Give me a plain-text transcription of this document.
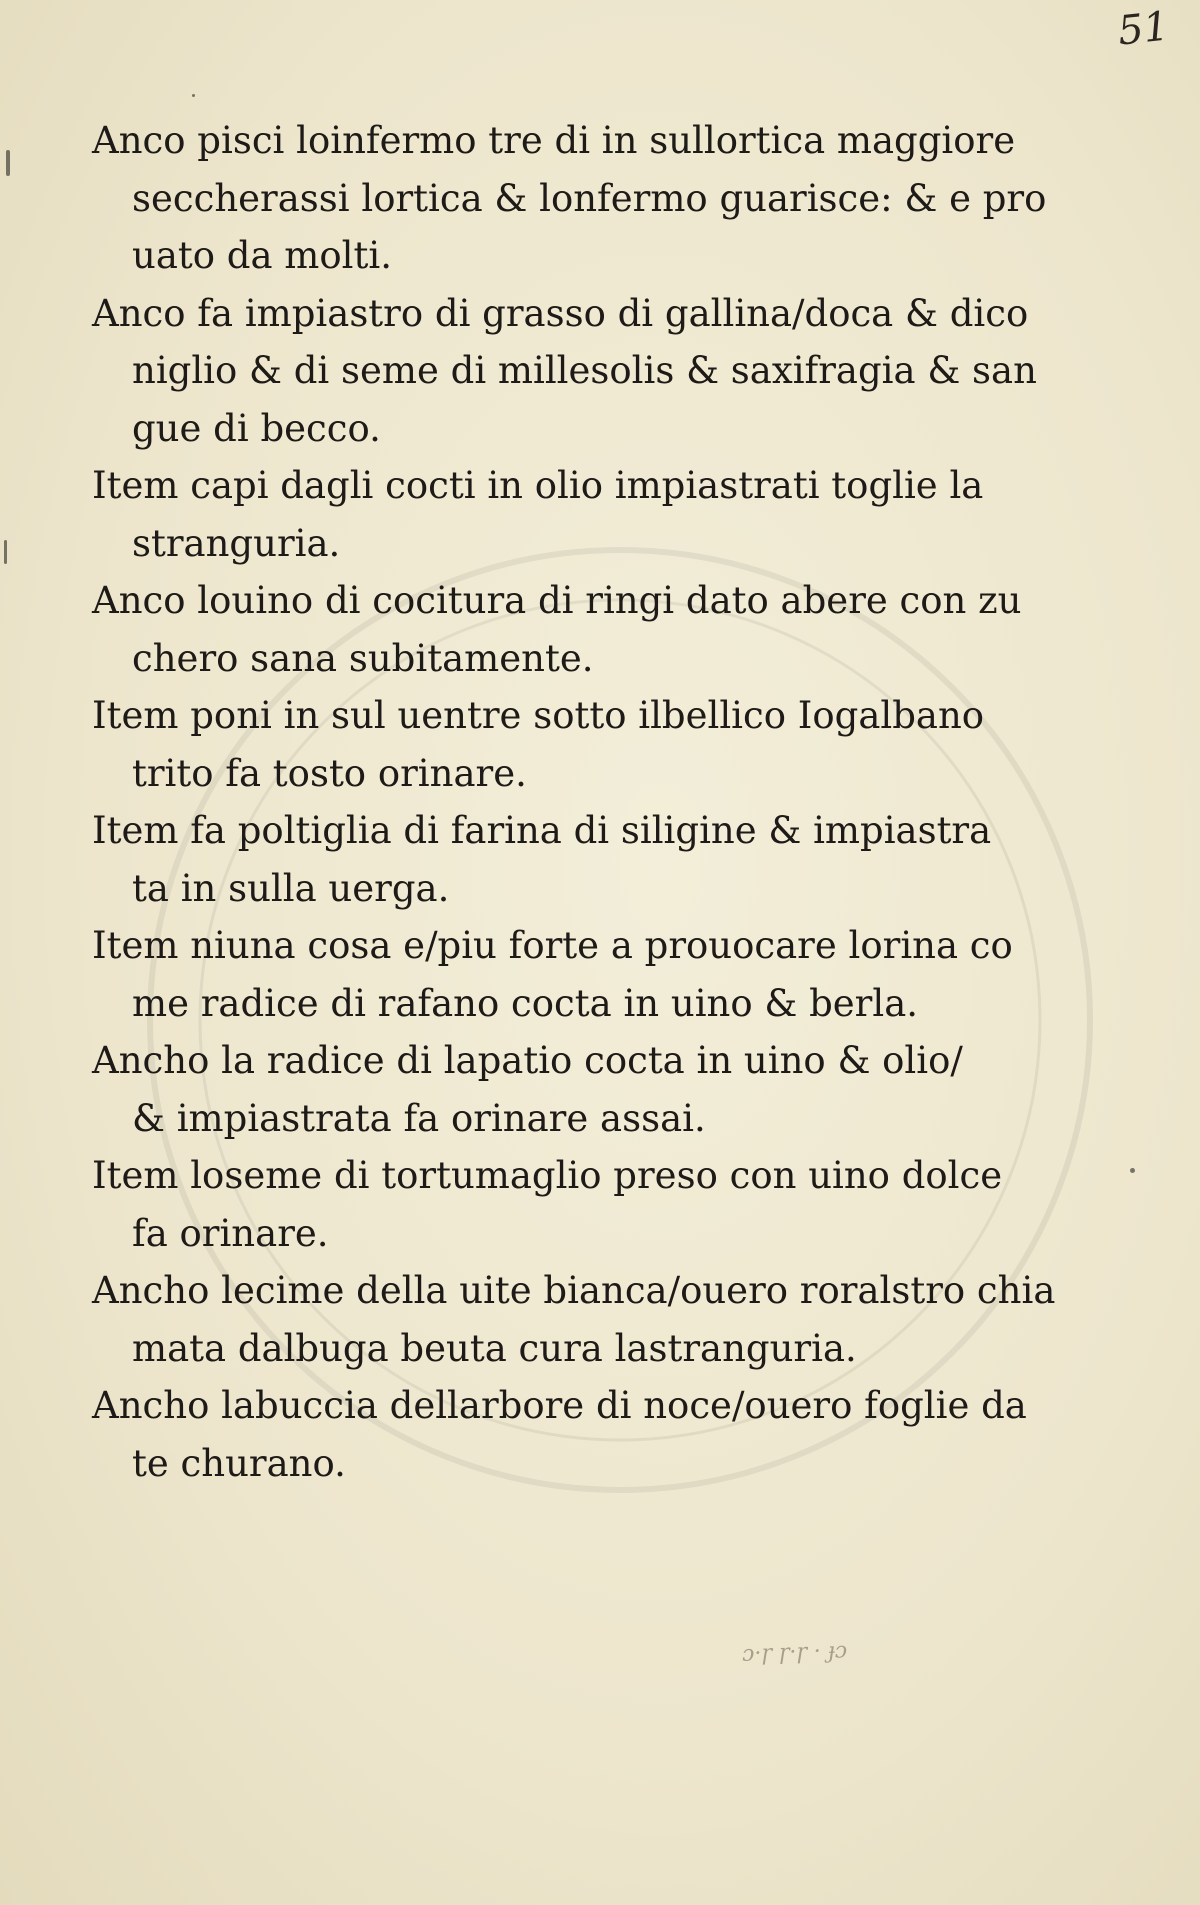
51
Anco pisci loinfermo tre di in sullortica maggiore
seccherassi lortica & lonfermo guarisce: & e pro
uato da molti.
Anco fa impiastro di grasso di gallina/doca & dico
niglio & di seme di millesolis & saxifragia & san
gue di becco.
Item capi dagli cocti in olio impiastrati toglie la
stranguria.
Anco louino di cocitura di ringi dato abere con zu
chero sana subitamente.
Item poni in sul uentre sotto ilbellico Iogalbano
trito fa tosto orinare.
Item fa poltiglia di farina di siligine & impiastra
ta in sulla uerga.
Item niuna cosa e/piu forte a prouocare lorina co
me radice di rafano cocta in uino & berla.
Ancho la radice di lapatio cocta in uino & olio/
& impiastrata fa orinare assai.
Item loseme di tortumaglio preso con uino dolce
fa orinare.
Ancho lecime della uite bianca/ouero roralstro chia
mata dalbuga beuta cura lastranguria.
Ancho labuccia dellarbore di noce/ouero foglie da
te churano.
ɔ·ɼ ɼ·ɼ · ɟɔ
